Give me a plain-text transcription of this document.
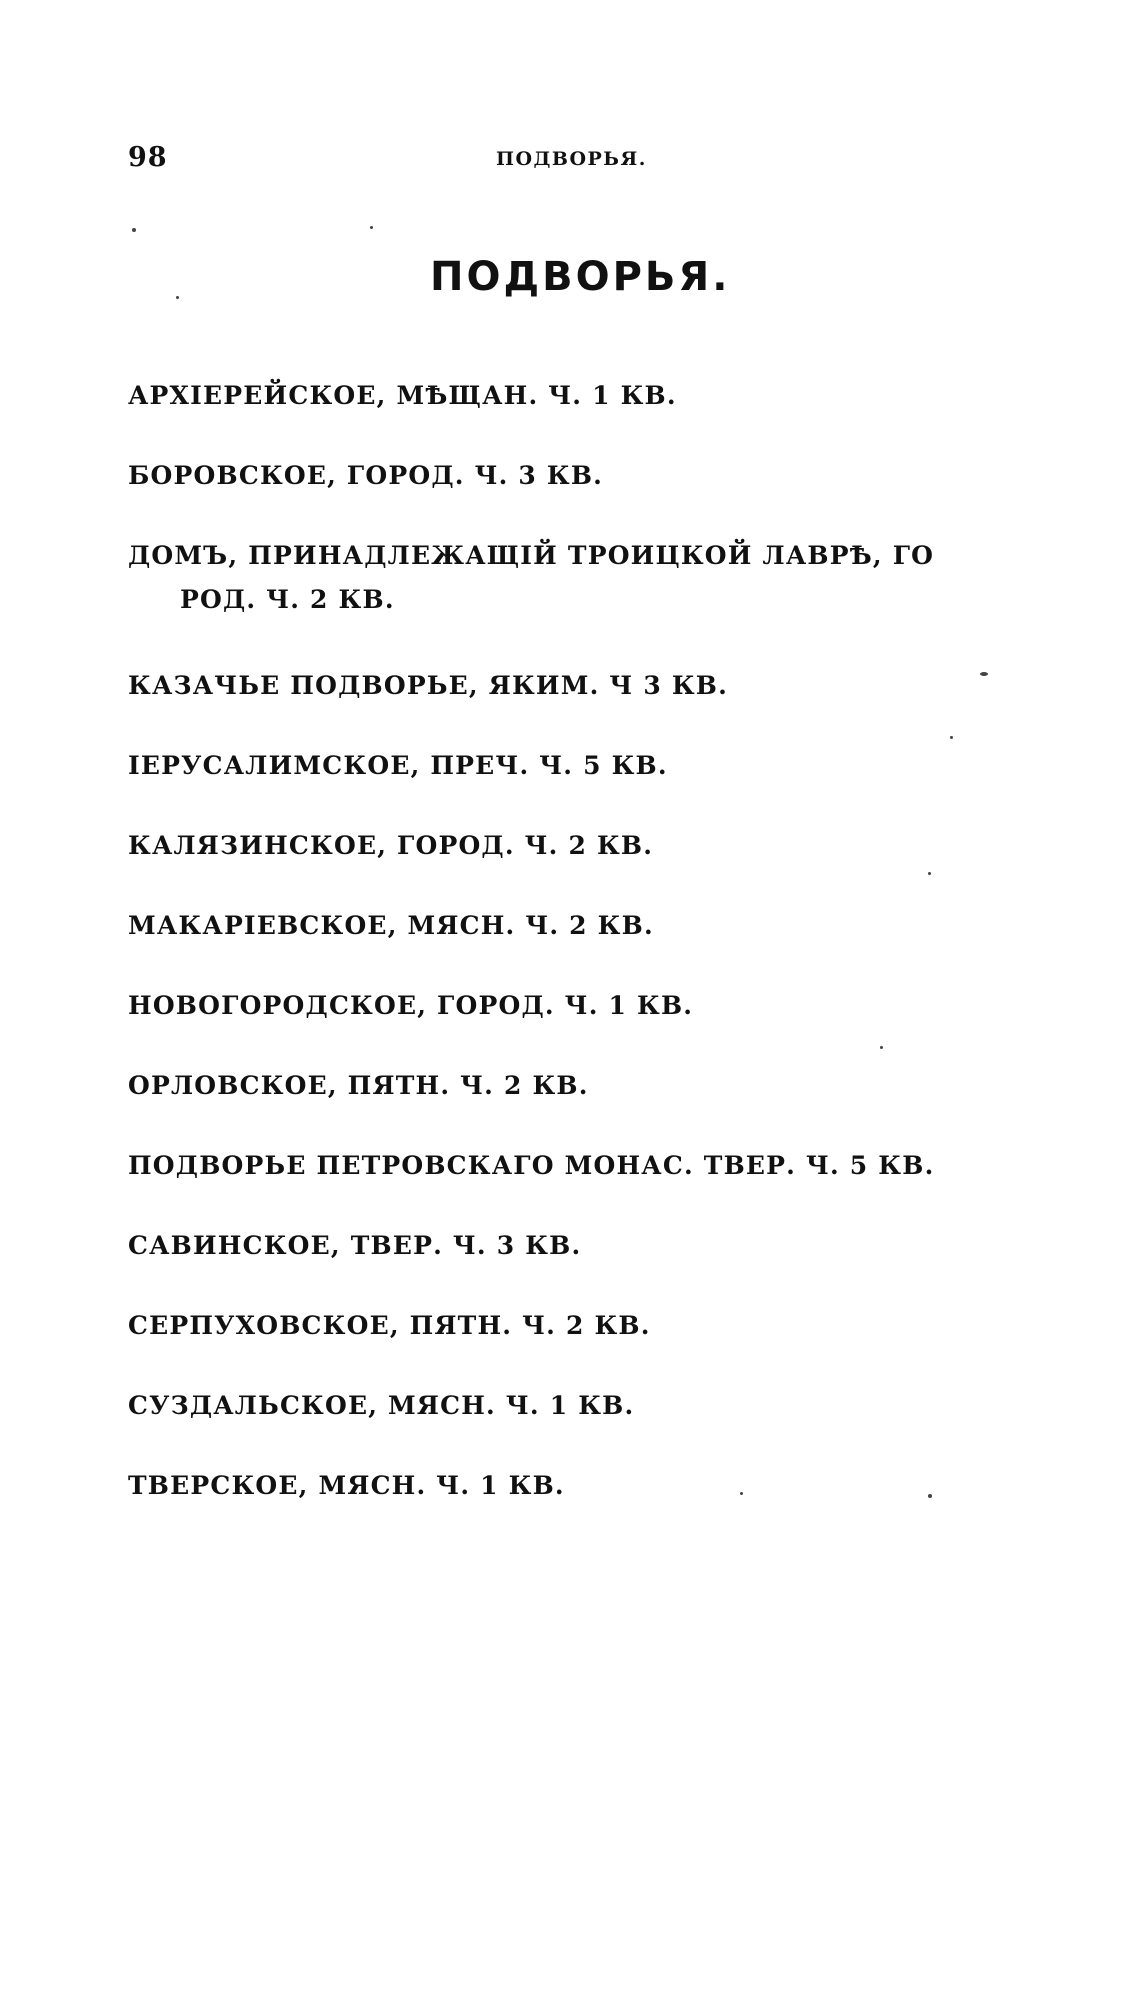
98	ПОДВОРЬЯ.
ПОДВОРЬЯ.
АРХІЕРЕЙСКОЕ, МѢЩАН. Ч. 1 КВ.
БОРОВСКОЕ, ГОРОД. Ч. 3 КВ.
ДОМЪ, ПРИНАДЛЕЖАЩІЙ ТРОИЦКОЙ ЛАВРѢ, ГО
РОД. Ч. 2 КВ.
КАЗАЧЬЕ ПОДВОРЬЕ, ЯКИМ. Ч 3 КВ.
ІЕРУСАЛИМСКОЕ, ПРЕЧ. Ч. 5 КВ.
КАЛЯЗИНСКОЕ, ГОРОД. Ч. 2 КВ.
МАКАРІЕВСКОЕ, МЯСН. Ч. 2 КВ.
НОВОГОРОДСКОЕ, ГОРОД. Ч. 1 КВ.
ОРЛОВСКОЕ, ПЯТН. Ч. 2 КВ.
ПОДВОРЬЕ ПЕТРОВСКАГО МОНАС. ТВЕР. Ч. 5 КВ.
САВИНСКОЕ, ТВЕР. Ч. 3 КВ.
СЕРПУХОВСКОЕ, ПЯТН. Ч. 2 КВ.
СУЗДАЛЬСКОЕ, МЯСН. Ч. 1 КВ.
ТВЕРСКОЕ, МЯСН. Ч. 1 КВ.
